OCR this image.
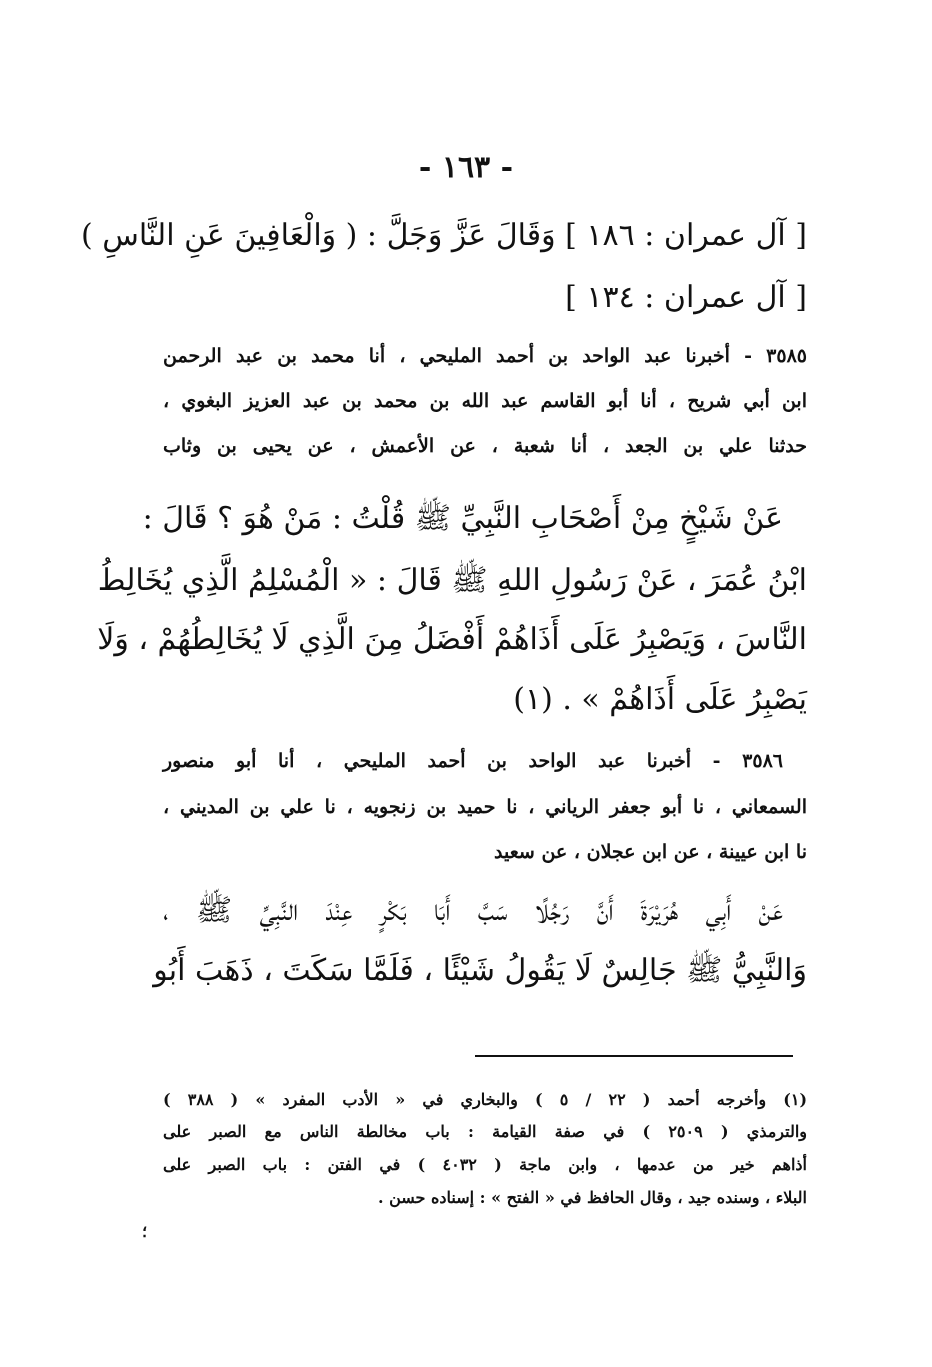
- ١٦٣ -
[ آل عمران : ١٨٦ ] وَقَالَ عَزَّ وَجَلَّ : ( وَالْعَافِينَ عَنِ النَّاسِ )
[ آل عمران : ١٣٤ ]
٣٥٨٥ - أخبرنا عبد الواحد بن أحمد المليحي ، أنا محمد بن عبد الرحمن
ابن أبي شريح ، أنا أبو القاسم عبد الله بن محمد بن عبد العزيز البغوي ،
حدثنا علي بن الجعد ، أنا شعبة ، عن الأعمش ، عن يحيى بن وثاب
عَنْ شَيْخٍ مِنْ أَصْحَابِ النَّبِيِّ ﷺ قُلْتُ : مَنْ هُوَ ؟ قَالَ :
ابْنُ عُمَرَ ، عَنْ رَسُولِ اللهِ ﷺ قَالَ : « الْمُسْلِمُ الَّذِي يُخَالِطُ
النَّاسَ ، وَيَصْبِرُ عَلَى أَذَاهُمْ أَفْضَلُ مِنَ الَّذِي لَا يُخَالِطُهُمْ ، وَلَا
يَصْبِرُ عَلَى أَذَاهُمْ » . (١)
٣٥٨٦ - أخبرنا عبد الواحد بن أحمد المليحي ، أنا أبو منصور
السمعاني ، نا أبو جعفر الرياني ، نا حميد بن زنجويه ، نا علي بن المديني ،
نا ابن عيينة ، عن ابن عجلان ، عن سعيد
عَنْ أَبِي هُرَيْرَةَ أَنَّ رَجُلًا سَبَّ أَبَا بَكْرٍ عِنْدَ النَّبِيِّ ﷺ ،
وَالنَّبِيُّ ﷺ جَالِسٌ لَا يَقُولُ شَيْئًا ، فَلَمَّا سَكَتَ ، ذَهَبَ أَبُو
(١) وأخرجه أحمد ( ٢٢ / ٥ ) والبخاري في « الأدب المفرد » ( ٣٨٨ )
والترمذي ( ٢٥٠٩ ) في صفة القيامة : باب مخالطة الناس مع الصبر على
أذاهم خير من عدمها ، وابن ماجة ( ٤٠٣٢ ) في الفتن : باب الصبر على
البلاء ، وسنده جيد ، وقال الحافظ في « الفتح » : إسناده حسن .
؛
